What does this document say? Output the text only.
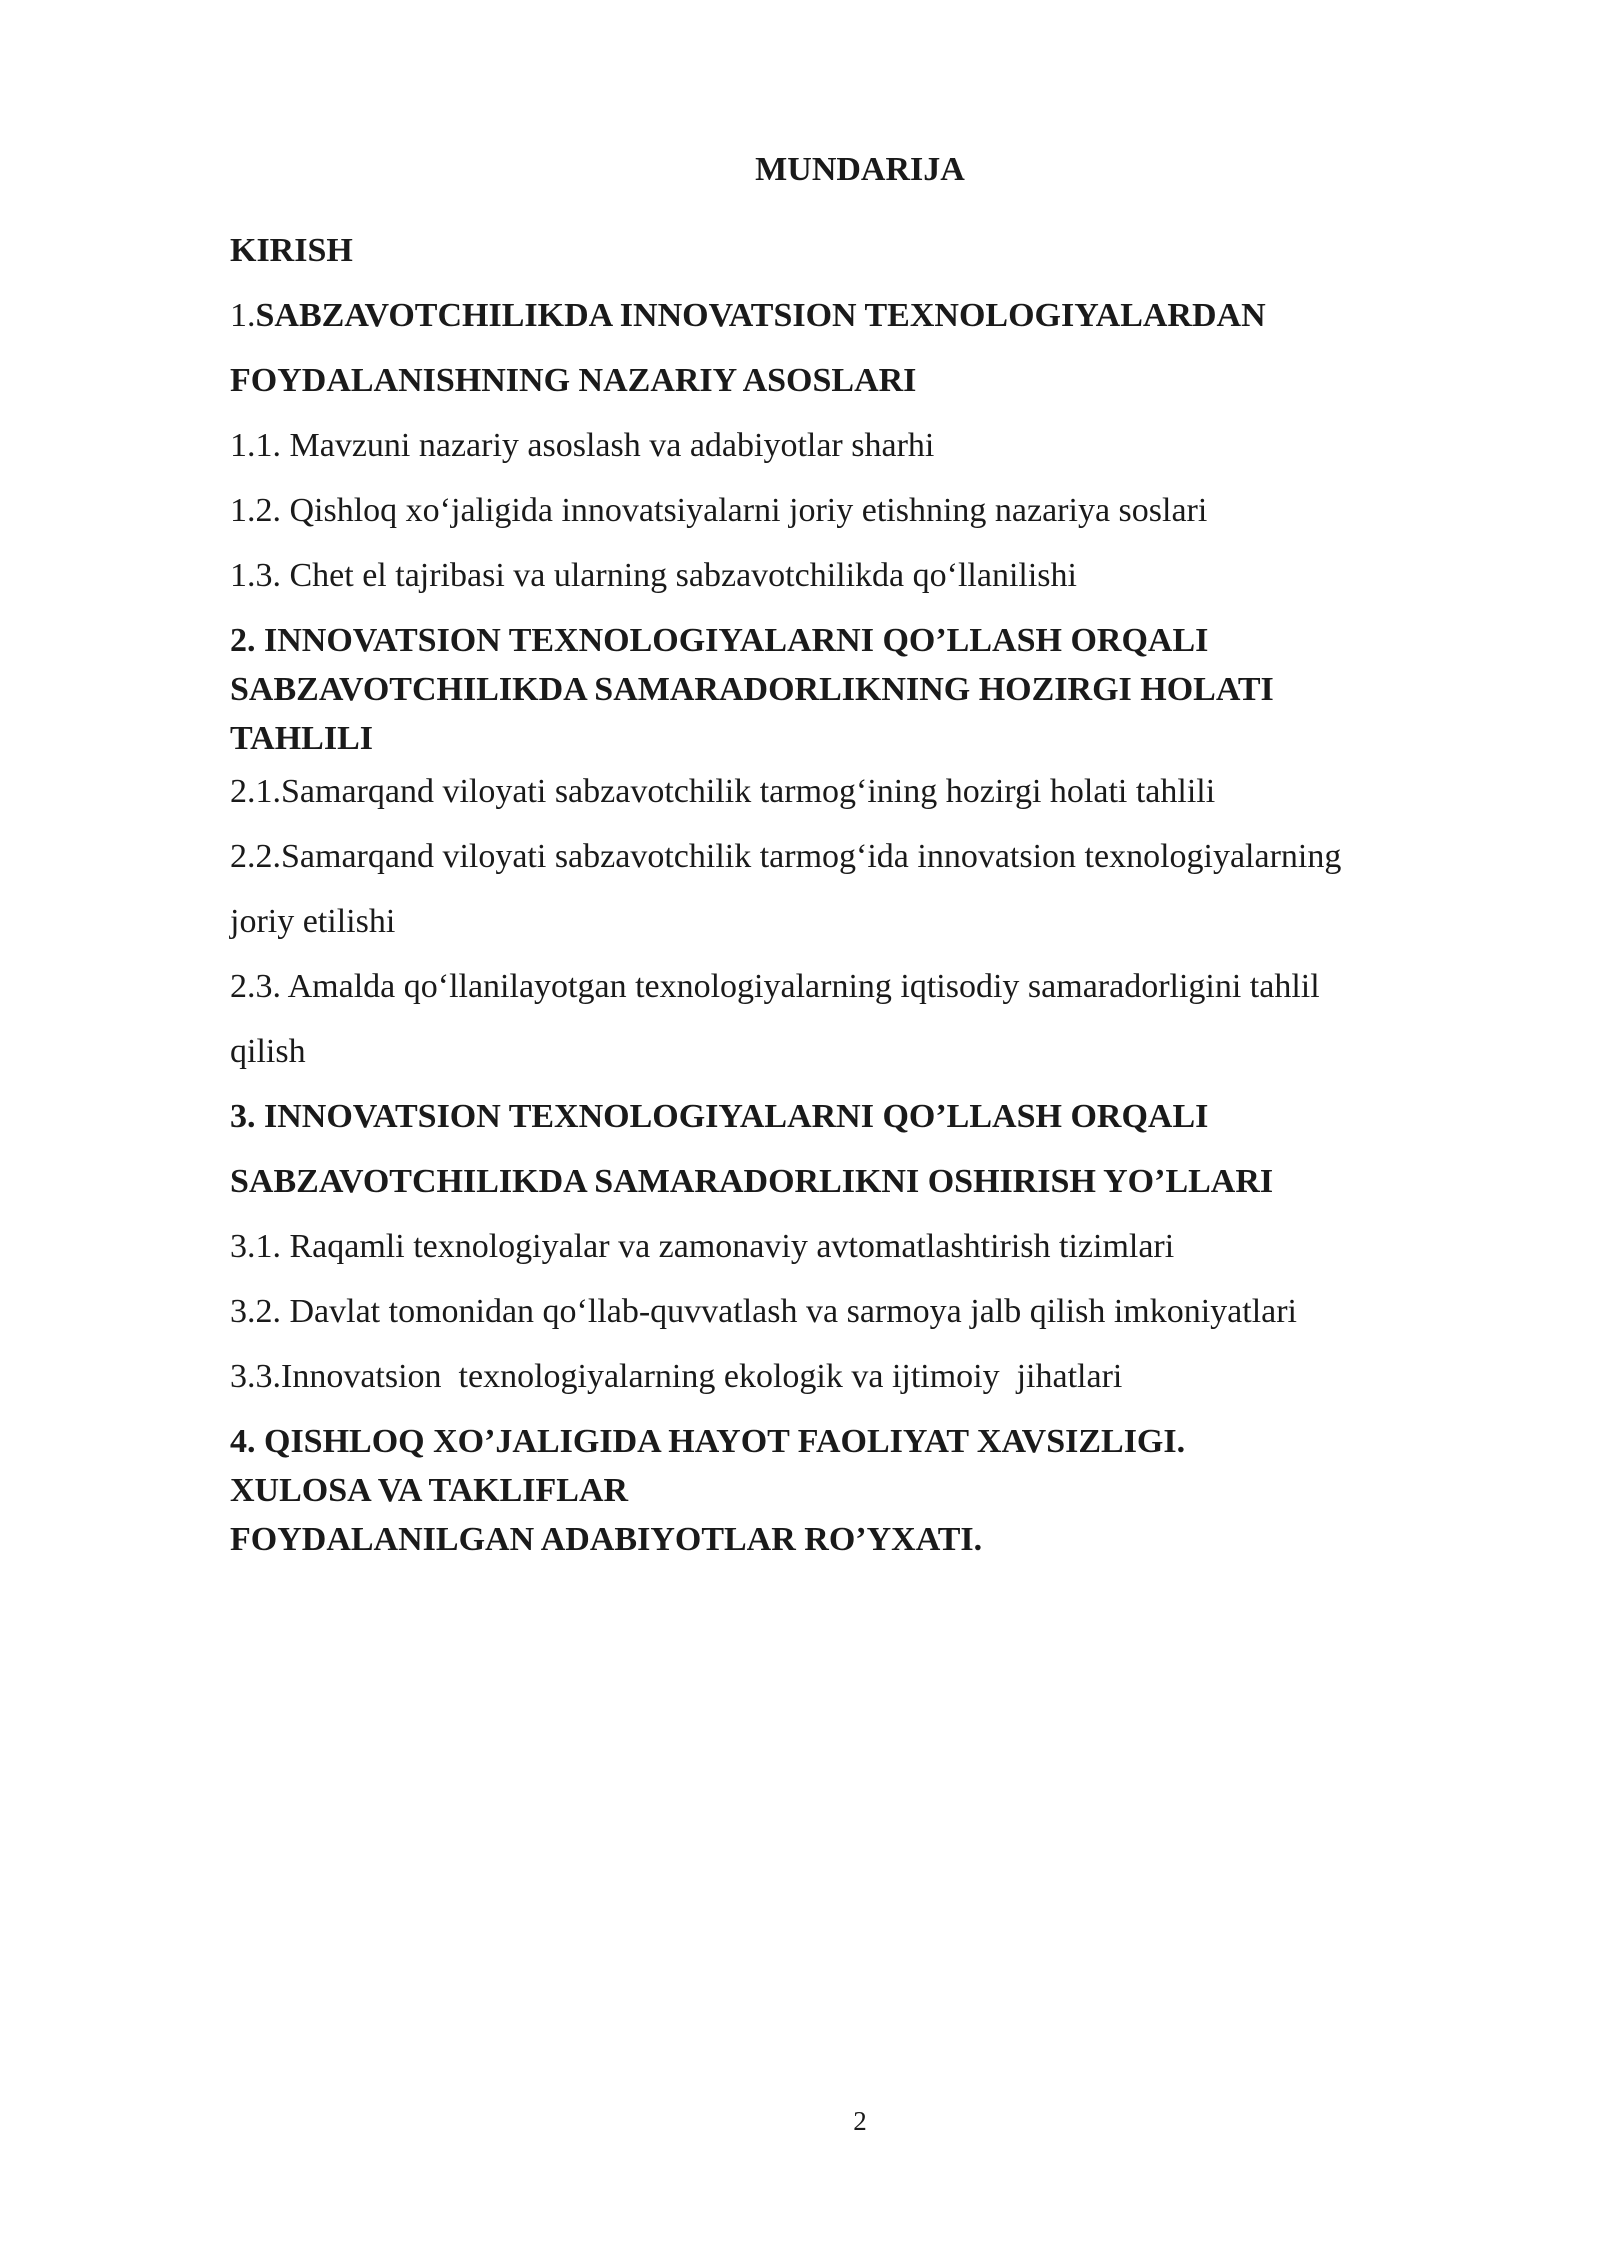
MUNDARIJA
KIRISH
1.SABZAVOTCHILIKDA INNOVATSION TEXNOLOGIYALARDAN
FOYDALANISHNING NAZARIY ASOSLARI
1.1. Mavzuni nazariy asoslash va adabiyotlar sharhi
1.2. Qishloq xo‘jaligida innovatsiyalarni joriy etishning nazariya soslari
1.3. Chet el tajribasi va ularning sabzavotchilikda qo‘llanilishi
2. INNOVATSION TEXNOLOGIYALARNI QO’LLASH ORQALI
SABZAVOTCHILIKDA SAMARADORLIKNING HOZIRGI HOLATI
TAHLILI
2.1.Samarqand viloyati sabzavotchilik tarmog‘ining hozirgi holati tahlili
2.2.Samarqand viloyati sabzavotchilik tarmog‘ida innovatsion texnologiyalarning
joriy etilishi
2.3. Amalda qo‘llanilayotgan texnologiyalarning iqtisodiy samaradorligini tahlil
qilish
3. INNOVATSION TEXNOLOGIYALARNI QO’LLASH ORQALI
SABZAVOTCHILIKDA SAMARADORLIKNI OSHIRISH YO’LLARI
3.1. Raqamli texnologiyalar va zamonaviy avtomatlashtirish tizimlari
3.2. Davlat tomonidan qo‘llab-quvvatlash va sarmoya jalb qilish imkoniyatlari
3.3.Innovatsion  texnologiyalarning ekologik va ijtimoiy  jihatlari
4. QISHLOQ XO’JALIGIDA HAYOT FAOLIYAT XAVSIZLIGI.
XULOSA VA TAKLIFLAR
FOYDALANILGAN ADABIYOTLAR RO’YXATI.
2
